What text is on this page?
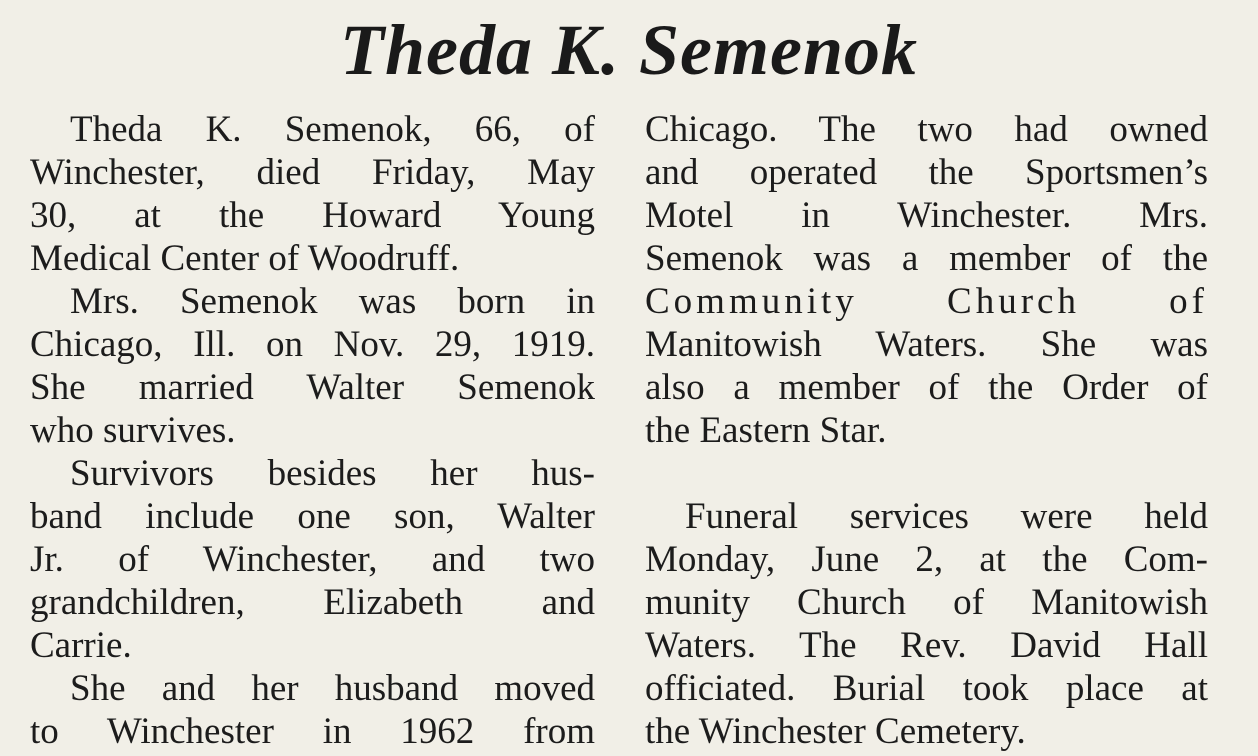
Theda K. Semenok
Theda K. Semenok, 66, of
Winchester, died Friday, May
30, at the Howard Young
Medical Center of Woodruff.
Mrs. Semenok was born in
Chicago, Ill. on Nov. 29, 1919.
She married Walter Semenok
who survives.
Survivors besides her hus-
band include one son, Walter
Jr. of Winchester, and two
grandchildren, Elizabeth and
Carrie.
She and her husband moved
to Winchester in 1962 from
Chicago. The two had owned
and operated the Sportsmen’s
Motel in Winchester. Mrs.
Semenok was a member of the
Community Church of
Manitowish Waters. She was
also a member of the Order of
the Eastern Star.
Funeral services were held
Monday, June 2, at the Com-
munity Church of Manitowish
Waters. The Rev. David Hall
officiated. Burial took place at
the Winchester Cemetery.
